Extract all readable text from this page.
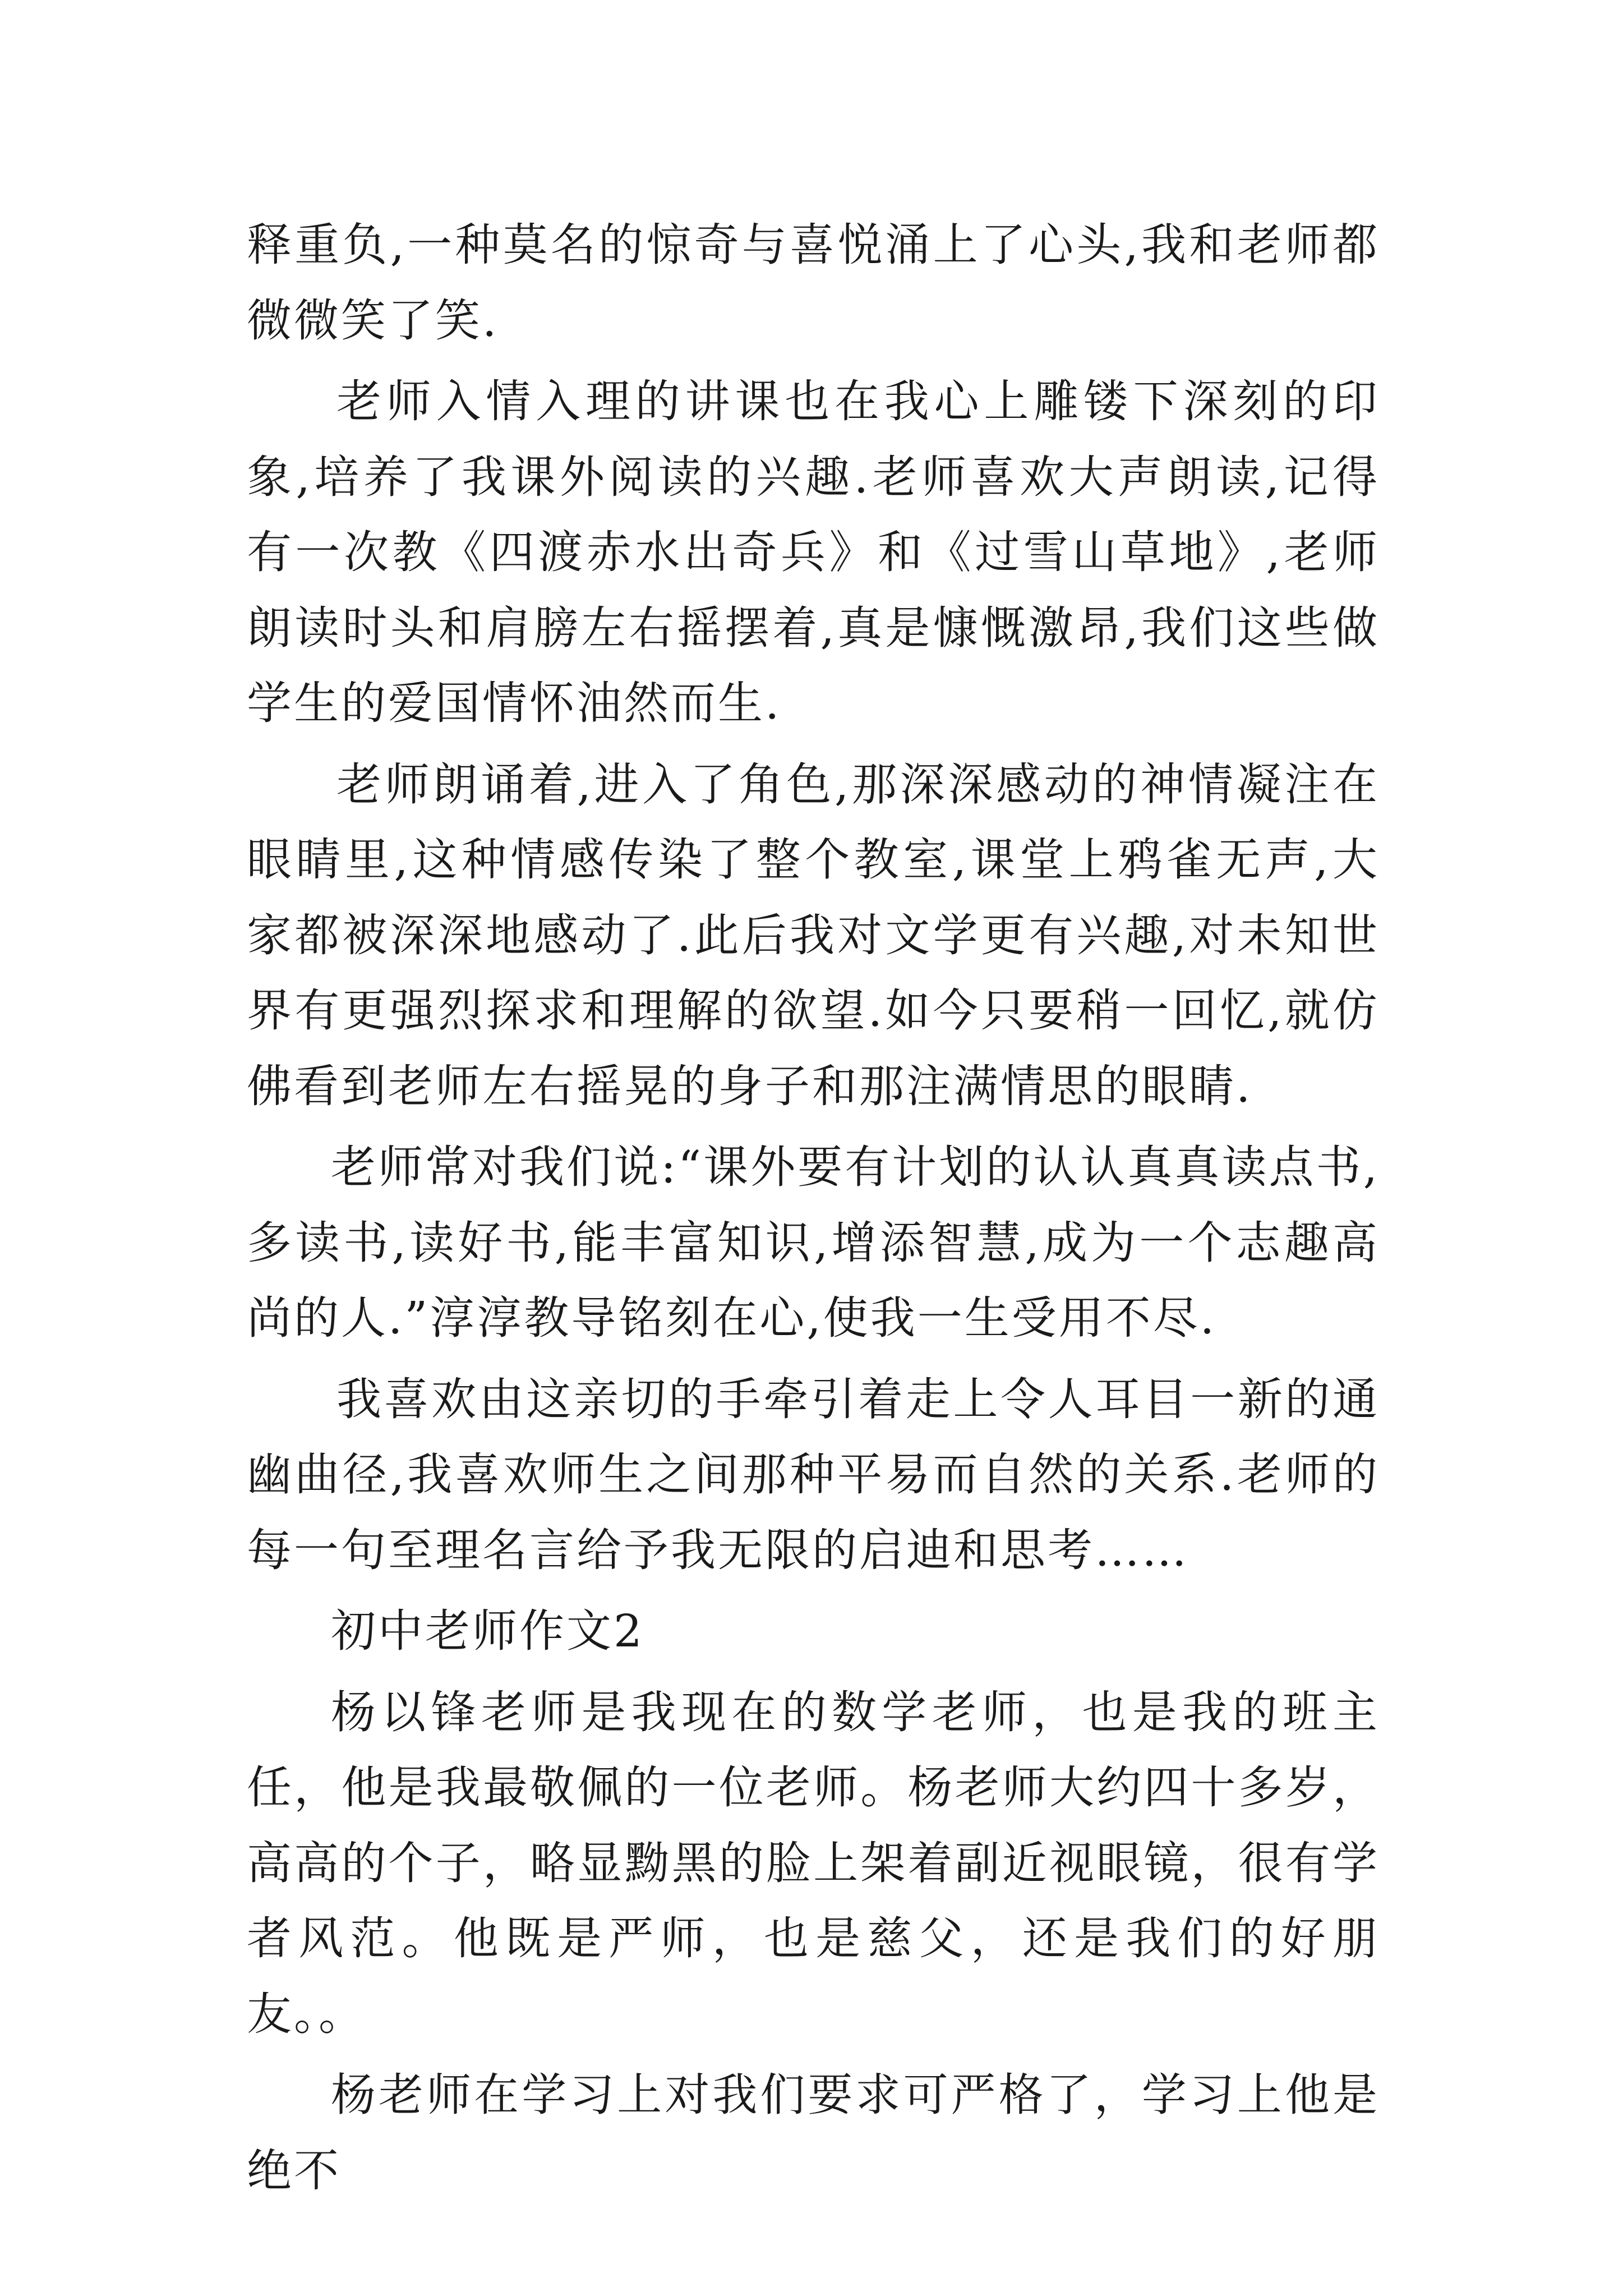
释重负,一种莫名的惊奇与喜悦涌上了心头,我和老师都微微笑了笑.

老师入情入理的讲课也在我心上雕镂下深刻的印象,培养了我课外阅读的兴趣.老师喜欢大声朗读,记得有一次教《四渡赤水出奇兵》和《过雪山草地》,老师朗读时头和肩膀左右摇摆着,真是慷慨激昂,我们这些做学生的爱国情怀油然而生.

老师朗诵着,进入了角色,那深深感动的神情凝注在眼睛里,这种情感传染了整个教室,课堂上鸦雀无声,大家都被深深地感动了.此后我对文学更有兴趣,对未知世界有更强烈探求和理解的欲望.如今只要稍一回忆,就仿佛看到老师左右摇晃的身子和那注满情思的眼睛.

老师常对我们说:“课外要有计划的认认真真读点书,多读书,读好书,能丰富知识,增添智慧,成为一个志趣高尚的人.”淳淳教导铭刻在心,使我一生受用不尽.

我喜欢由这亲切的手牵引着走上令人耳目一新的通幽曲径,我喜欢师生之间那种平易而自然的关系.老师的每一句至理名言给予我无限的启迪和思考……

初中老师作文2

杨以锋老师是我现在的数学老师，也是我的班主任，他是我最敬佩的一位老师。杨老师大约四十多岁，高高的个子，略显黝黑的脸上架着副近视眼镜，很有学者风范。他既是严师，也是慈父，还是我们的好朋友。。

杨老师在学习上对我们要求可严格了，学习上他是绝不
